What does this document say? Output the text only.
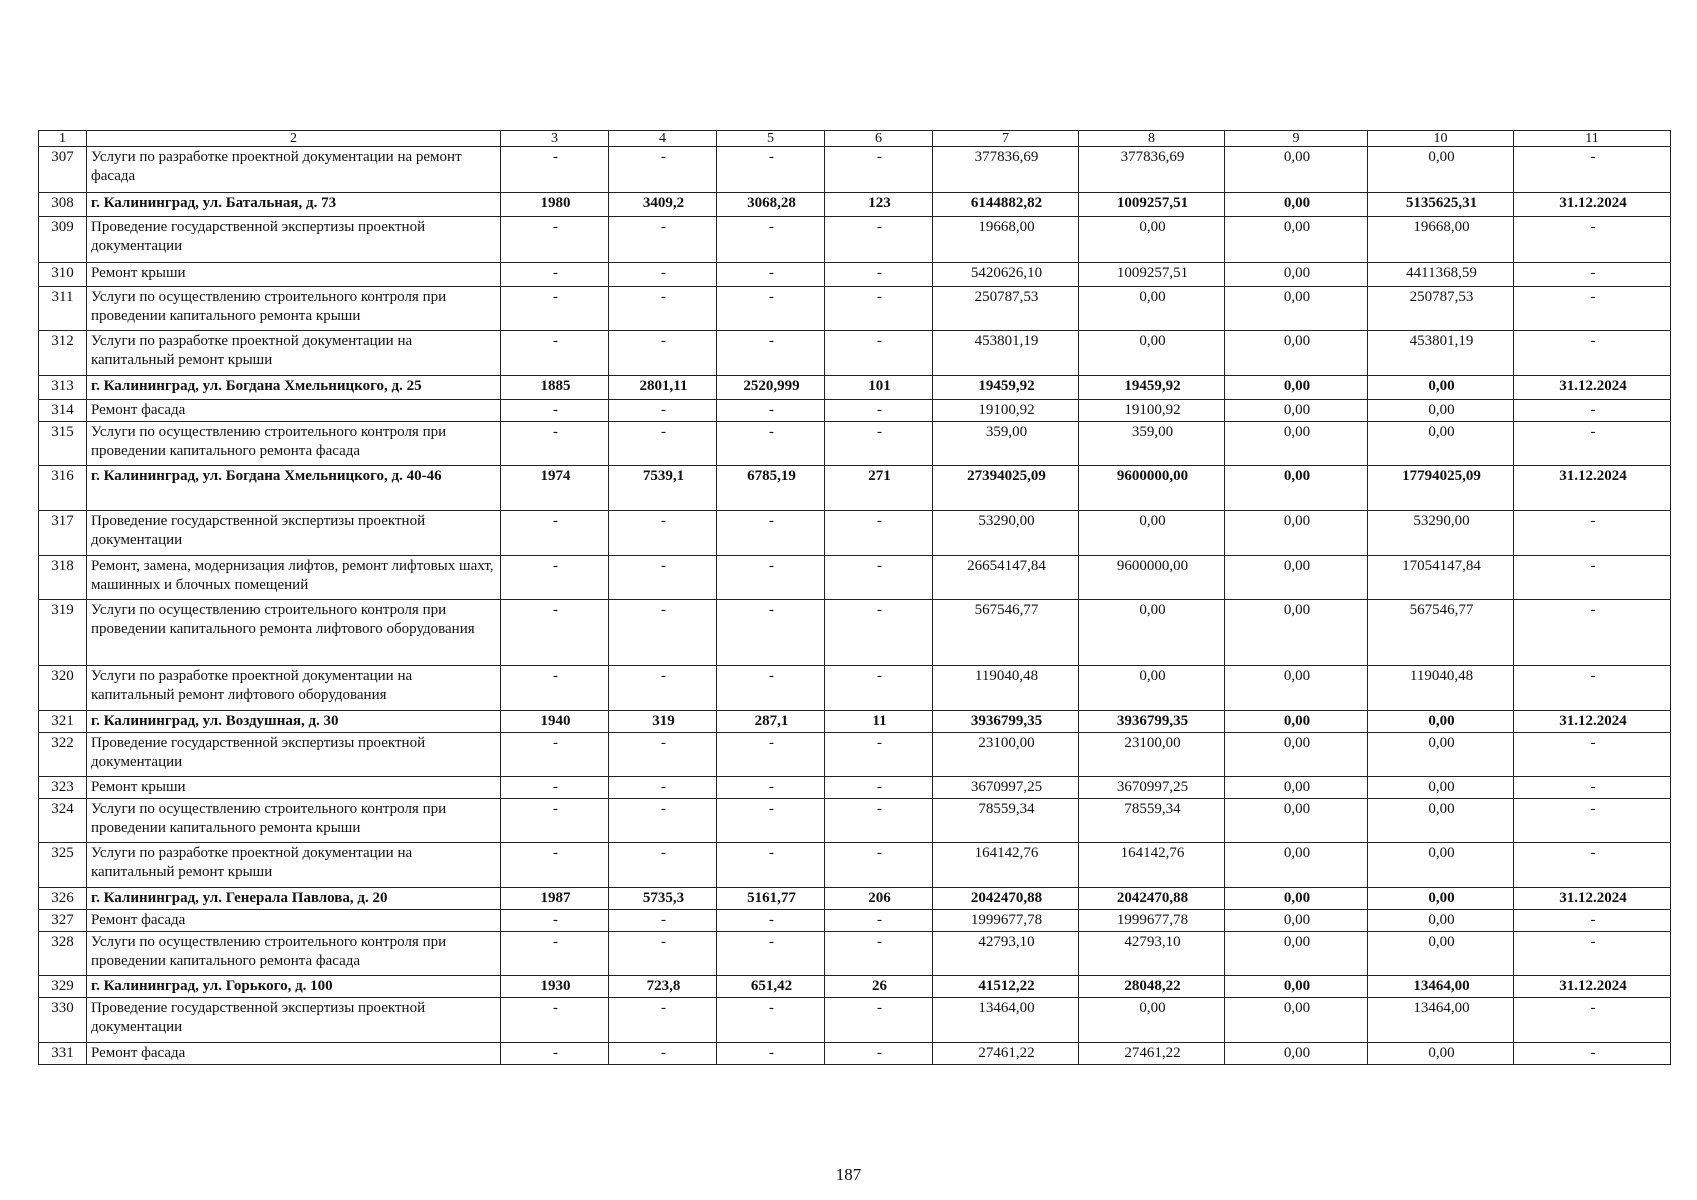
1	2	3	4	5	6	7	8	9	10	11
307	Услуги по разработке проектной документации на ремонт фасада	-	-	-	-	377836,69	377836,69	0,00	0,00	-
308	г. Калининград, ул. Батальная, д. 73	1980	3409,2	3068,28	123	6144882,82	1009257,51	0,00	5135625,31	31.12.2024
309	Проведение государственной экспертизы проектной документации	-	-	-	-	19668,00	0,00	0,00	19668,00	-
310	Ремонт крыши	-	-	-	-	5420626,10	1009257,51	0,00	4411368,59	-
311	Услуги по осуществлению строительного контроля при проведении капитального ремонта крыши	-	-	-	-	250787,53	0,00	0,00	250787,53	-
312	Услуги по разработке проектной документации на капитальный ремонт крыши	-	-	-	-	453801,19	0,00	0,00	453801,19	-
313	г. Калининград, ул. Богдана Хмельницкого, д. 25	1885	2801,11	2520,999	101	19459,92	19459,92	0,00	0,00	31.12.2024
314	Ремонт фасада	-	-	-	-	19100,92	19100,92	0,00	0,00	-
315	Услуги по осуществлению строительного контроля при проведении капитального ремонта фасада	-	-	-	-	359,00	359,00	0,00	0,00	-
316	г. Калининград, ул. Богдана Хмельницкого, д. 40-46	1974	7539,1	6785,19	271	27394025,09	9600000,00	0,00	17794025,09	31.12.2024
317	Проведение государственной экспертизы проектной документации	-	-	-	-	53290,00	0,00	0,00	53290,00	-
318	Ремонт, замена, модернизация лифтов, ремонт лифтовых шахт, машинных и блочных помещений	-	-	-	-	26654147,84	9600000,00	0,00	17054147,84	-
319	Услуги по осуществлению строительного контроля при проведении капитального ремонта лифтового оборудования	-	-	-	-	567546,77	0,00	0,00	567546,77	-
320	Услуги по разработке проектной документации на капитальный ремонт лифтового оборудования	-	-	-	-	119040,48	0,00	0,00	119040,48	-
321	г. Калининград, ул. Воздушная, д. 30	1940	319	287,1	11	3936799,35	3936799,35	0,00	0,00	31.12.2024
322	Проведение государственной экспертизы проектной документации	-	-	-	-	23100,00	23100,00	0,00	0,00	-
323	Ремонт крыши	-	-	-	-	3670997,25	3670997,25	0,00	0,00	-
324	Услуги по осуществлению строительного контроля при проведении капитального ремонта крыши	-	-	-	-	78559,34	78559,34	0,00	0,00	-
325	Услуги по разработке проектной документации на капитальный ремонт крыши	-	-	-	-	164142,76	164142,76	0,00	0,00	-
326	г. Калининград, ул. Генерала Павлова, д. 20	1987	5735,3	5161,77	206	2042470,88	2042470,88	0,00	0,00	31.12.2024
327	Ремонт фасада	-	-	-	-	1999677,78	1999677,78	0,00	0,00	-
328	Услуги по осуществлению строительного контроля при проведении капитального ремонта фасада	-	-	-	-	42793,10	42793,10	0,00	0,00	-
329	г. Калининград, ул. Горького, д. 100	1930	723,8	651,42	26	41512,22	28048,22	0,00	13464,00	31.12.2024
330	Проведение государственной экспертизы проектной документации	-	-	-	-	13464,00	0,00	0,00	13464,00	-
331	Ремонт фасада	-	-	-	-	27461,22	27461,22	0,00	0,00	-
187
